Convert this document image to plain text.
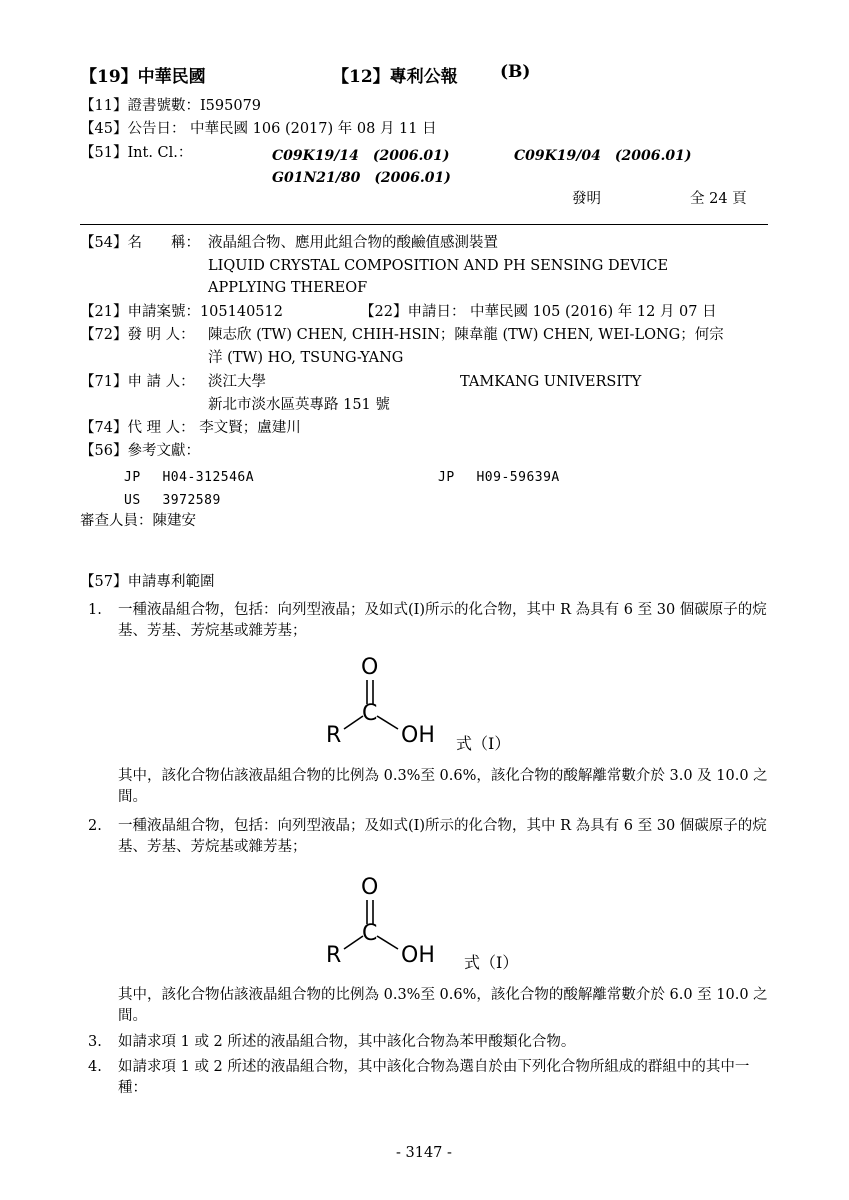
【19】中華民國	【12】專利公報 (B)
【11】證書號數：I595079
【45】公告日： 中華民國 106 (2017) 年 08 月 11 日
【51】Int. Cl.：	C09K19/14　(2006.01)	C09K19/04　(2006.01)
G01N21/80　(2006.01)
發明	全 24 頁
【54】名　　稱： 液晶組合物、應用此組合物的酸鹼值感測裝置
LIQUID CRYSTAL COMPOSITION AND PH SENSING DEVICE
APPLYING THEREOF
【21】申請案號：105140512	【22】申請日： 中華民國 105 (2016) 年 12 月 07 日
【72】發 明 人： 陳志欣 (TW) CHEN, CHIH-HSIN；陳韋龍 (TW) CHEN, WEI-LONG；何宗
洋 (TW) HO, TSUNG-YANG
【71】申 請 人： 淡江大學	TAMKANG UNIVERSITY
新北市淡水區英專路 151 號
【74】代 理 人： 李文賢；盧建川
【56】參考文獻：
JP　 H04-312546A	JP　 H09-59639A
US　 3972589
審查人員：陳建安
【57】申請專利範圍
1.	一種液晶組合物，包括：向列型液晶；及如式(I)所示的化合物，其中 R 為具有 6 至 30 個碳原子的烷基、芳基、芳烷基或雜芳基；
O
C
R	OH 式（I）
其中，該化合物佔該液晶組合物的比例為 0.3%至 0.6%，該化合物的酸解離常數介於 3.0 及 10.0 之間。
2.	一種液晶組合物，包括：向列型液晶；及如式(I)所示的化合物，其中 R 為具有 6 至 30 個碳原子的烷基、芳基、芳烷基或雜芳基；
O
C
R	OH 式（I）
其中，該化合物佔該液晶組合物的比例為 0.3%至 0.6%，該化合物的酸解離常數介於 6.0 至 10.0 之間。
3.	如請求項 1 或 2 所述的液晶組合物，其中該化合物為苯甲酸類化合物。
4.	如請求項 1 或 2 所述的液晶組合物，其中該化合物為選自於由下列化合物所組成的群組中的其中一種：
- 3147 -
